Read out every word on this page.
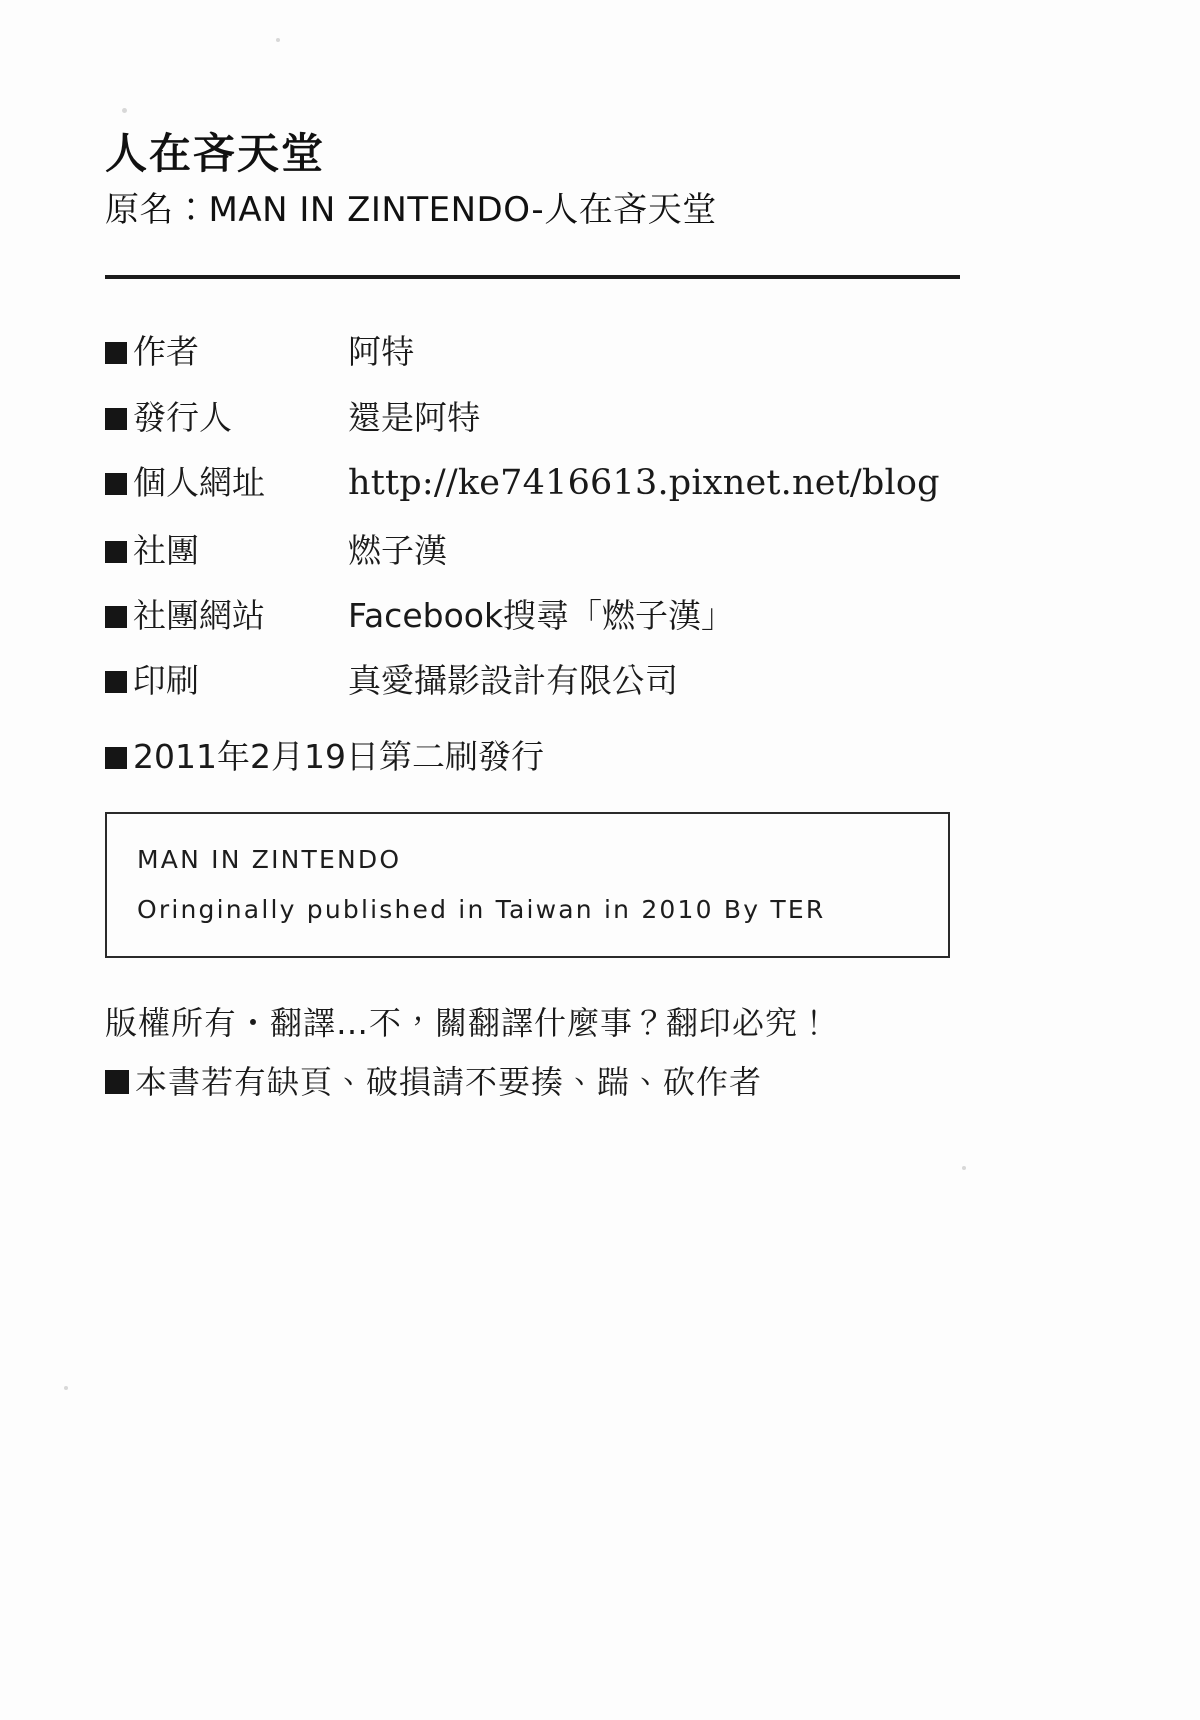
人在吝天堂

原名：MAN IN ZINTENDO-人在吝天堂

作者	阿特
發行人	還是阿特
個人網址	http://ke7416613.pixnet.net/blog
社團	燃子漢
社團網站	Facebook搜尋「燃子漢」
印刷	真愛攝影設計有限公司
2011年2月19日第二刷發行
MAN IN ZINTENDO
Oringinally published in Taiwan in 2010 By TER
版權所有・翻譯…不，關翻譯什麼事？翻印必究！
本書若有缺頁、破損請不要揍、踹、砍作者
